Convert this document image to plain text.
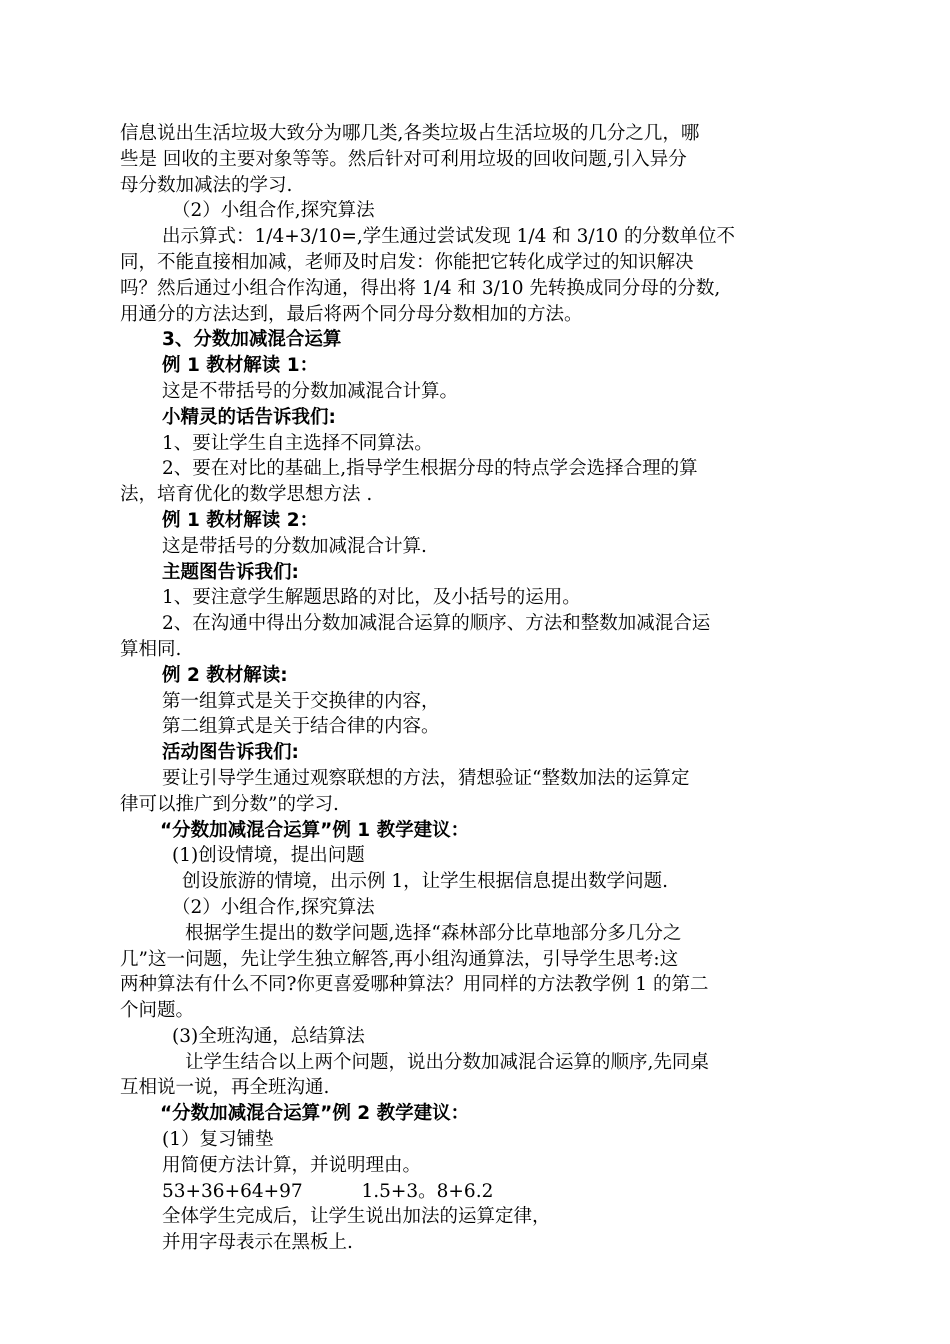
信息说出生活垃圾大致分为哪几类,各类垃圾占生活垃圾的几分之几，哪
些是 回收的主要对象等等。然后针对可利用垃圾的回收问题,引入异分
母分数加减法的学习.
（2）小组合作,探究算法
出示算式：1/4+3/10=,学生通过尝试发现 1/4 和 3/10 的分数单位不
同，不能直接相加减，老师及时启发：你能把它转化成学过的知识解决
吗？然后通过小组合作沟通，得出将 1/4 和 3/10 先转换成同分母的分数,
用通分的方法达到，最后将两个同分母分数相加的方法。
3、分数加减混合运算
例 1 教材解读 1：
这是不带括号的分数加减混合计算。
小精灵的话告诉我们:
1、要让学生自主选择不同算法。
2、要在对比的基础上,指导学生根据分母的特点学会选择合理的算
法，培育优化的数学思想方法 .
例 1 教材解读 2：
这是带括号的分数加减混合计算.
主题图告诉我们:
1、要注意学生解题思路的对比，及小括号的运用。
2、在沟通中得出分数加减混合运算的顺序、方法和整数加减混合运
算相同.
例 2 教材解读:
第一组算式是关于交换律的内容，
第二组算式是关于结合律的内容。
活动图告诉我们:
要让引导学生通过观察联想的方法，猜想验证“整数加法的运算定
律可以推广到分数”的学习.
“分数加减混合运算”例 1 教学建议：
(1)创设情境，提出问题
创设旅游的情境，出示例 1，让学生根据信息提出数学问题.
（2）小组合作,探究算法
根据学生提出的数学问题,选择“森林部分比草地部分多几分之
几”这一问题，先让学生独立解答,再小组沟通算法，引导学生思考:这
两种算法有什么不同?你更喜爱哪种算法？用同样的方法教学例 1 的第二
个问题。
(3)全班沟通，总结算法
让学生结合以上两个问题，说出分数加减混合运算的顺序,先同桌
互相说一说，再全班沟通.
“分数加减混合运算”例 2 教学建议：
(1）复习铺垫
用简便方法计算，并说明理由。
53+36+64+97          1.5+3。8+6.2
全体学生完成后，让学生说出加法的运算定律，
并用字母表示在黑板上.
